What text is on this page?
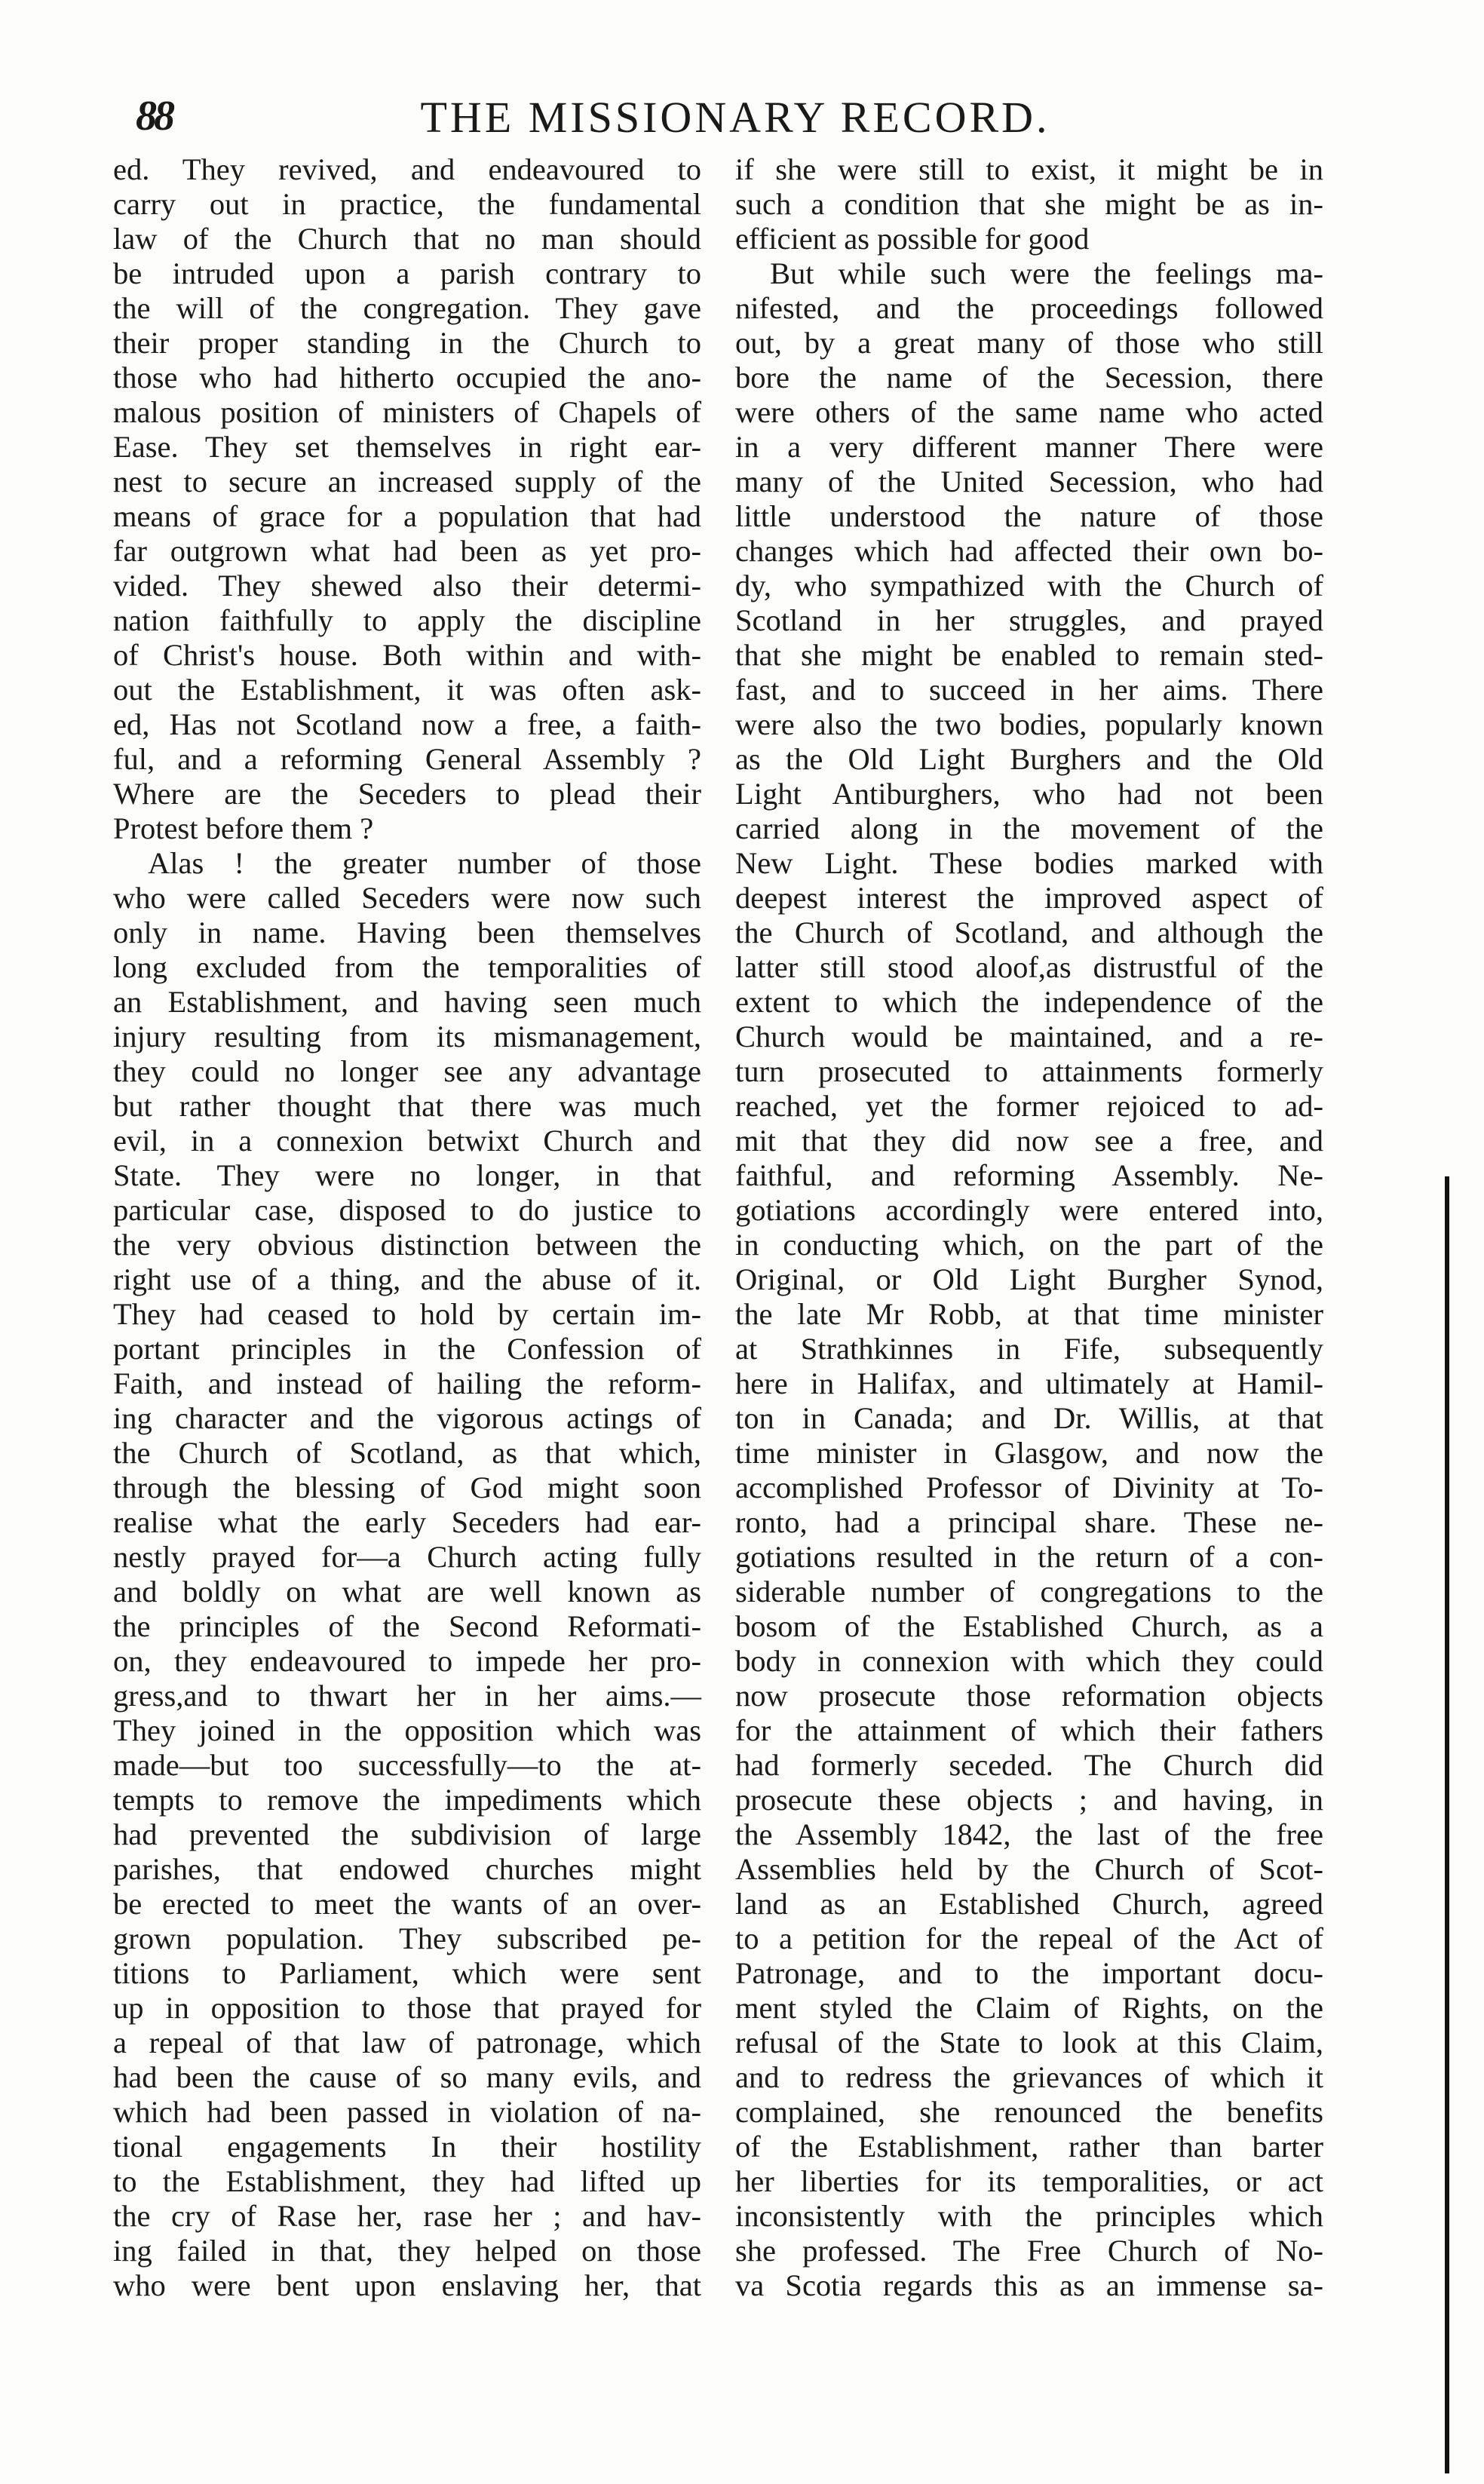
88	THE MISSIONARY RECORD.

ed. They revived, and endeavoured to

carry out in practice, the fundamental

law of the Church that no man should

be intruded upon a parish contrary to

the will of the congregation. They gave

their proper standing in the Church to

those who had hitherto occupied the ano-

malous position of ministers of Chapels of

Ease. They set themselves in right ear-

nest to secure an increased supply of the

means of grace for a population that had

far outgrown what had been as yet pro-

vided. They shewed also their determi-

nation faithfully to apply the discipline

of Christ's house. Both within and with-

out the Establishment, it was often ask-

ed, Has not Scotland now a free, a faith-

ful, and a reforming General Assembly ?

Where are the Seceders to plead their

Protest before them ?

Alas ! the greater number of those

who were called Seceders were now such

only in name. Having been themselves

long excluded from the temporalities of

an Establishment, and having seen much

injury resulting from its mismanagement,

they could no longer see any advantage

but rather thought that there was much

evil, in a connexion betwixt Church and

State. They were no longer, in that

particular case, disposed to do justice to

the very obvious distinction between the

right use of a thing, and the abuse of it.

They had ceased to hold by certain im-

portant principles in the Confession of

Faith, and instead of hailing the reform-

ing character and the vigorous actings of

the Church of Scotland, as that which,

through the blessing of God might soon

realise what the early Seceders had ear-

nestly prayed for—a Church acting fully

and boldly on what are well known as

the principles of the Second Reformati-

on, they endeavoured to impede her pro-

gress,and to thwart her in her aims.—

They joined in the opposition which was

made—but too successfully—to the at-

tempts to remove the impediments which

had prevented the subdivision of large

parishes, that endowed churches might

be erected to meet the wants of an over-

grown population. They subscribed pe-

titions to Parliament, which were sent

up in opposition to those that prayed for

a repeal of that law of patronage, which

had been the cause of so many evils, and

which had been passed in violation of na-

tional engagements In their hostility

to the Establishment, they had lifted up

the cry of Rase her, rase her ; and hav-

ing failed in that, they helped on those

who were bent upon enslaving her, that

if she were still to exist, it might be in

such a condition that she might be as in-

efficient as possible for good

But while such were the feelings ma-

nifested, and the proceedings followed

out, by a great many of those who still

bore the name of the Secession, there

were others of the same name who acted

in a very different manner There were

many of the United Secession, who had

little understood the nature of those

changes which had affected their own bo-

dy, who sympathized with the Church of

Scotland in her struggles, and prayed

that she might be enabled to remain sted-

fast, and to succeed in her aims. There

were also the two bodies, popularly known

as the Old Light Burghers and the Old

Light Antiburghers, who had not been

carried along in the movement of the

New Light. These bodies marked with

deepest interest the improved aspect of

the Church of Scotland, and although the

latter still stood aloof,as distrustful of the

extent to which the independence of the

Church would be maintained, and a re-

turn prosecuted to attainments formerly

reached, yet the former rejoiced to ad-

mit that they did now see a free, and

faithful, and reforming Assembly. Ne-

gotiations accordingly were entered into,

in conducting which, on the part of the

Original, or Old Light Burgher Synod,

the late Mr Robb, at that time minister

at Strathkinnes in Fife, subsequently

here in Halifax, and ultimately at Hamil-

ton in Canada; and Dr. Willis, at that

time minister in Glasgow, and now the

accomplished Professor of Divinity at To-

ronto, had a principal share. These ne-

gotiations resulted in the return of a con-

siderable number of congregations to the

bosom of the Established Church, as a

body in connexion with which they could

now prosecute those reformation objects

for the attainment of which their fathers

had formerly seceded. The Church did

prosecute these objects ; and having, in

the Assembly 1842, the last of the free

Assemblies held by the Church of Scot-

land as an Established Church, agreed

to a petition for the repeal of the Act of

Patronage, and to the important docu-

ment styled the Claim of Rights, on the

refusal of the State to look at this Claim,

and to redress the grievances of which it

complained, she renounced the benefits

of the Establishment, rather than barter

her liberties for its temporalities, or act

inconsistently with the principles which

she professed. The Free Church of No-

va Scotia regards this as an immense sa-
